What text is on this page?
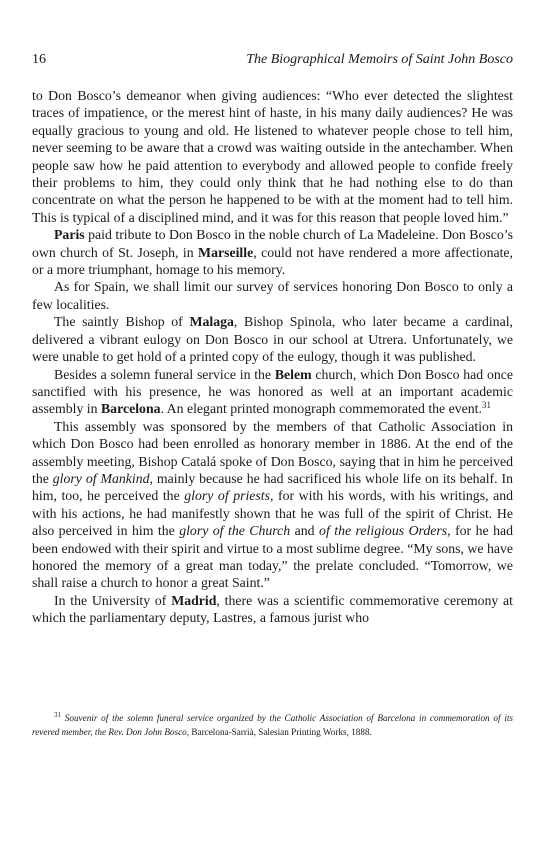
16	The Biographical Memoirs of Saint John Bosco

to Don Bosco’s demeanor when giving audiences: “Who ever detected the slightest traces of impatience, or the merest hint of haste, in his many daily audiences? He was equally gracious to young and old. He listened to whatever people chose to tell him, never seeming to be aware that a crowd was waiting outside in the antechamber. When people saw how he paid attention to everybody and allowed people to confide freely their problems to him, they could only think that he had nothing else to do than concentrate on what the person he happened to be with at the moment had to tell him. This is typical of a disciplined mind, and it was for this reason that people loved him.”

Paris paid tribute to Don Bosco in the noble church of La Madeleine. Don Bosco’s own church of St. Joseph, in Marseille, could not have rendered a more affectionate, or a more triumphant, homage to his memory.

As for Spain, we shall limit our survey of services honoring Don Bosco to only a few localities.

The saintly Bishop of Malaga, Bishop Spinola, who later became a cardinal, delivered a vibrant eulogy on Don Bosco in our school at Utrera. Unfortunately, we were unable to get hold of a printed copy of the eulogy, though it was published.

Besides a solemn funeral service in the Belem church, which Don Bosco had once sanctified with his presence, he was honored as well at an important academic assembly in Barcelona. An elegant printed monograph commemorated the event.$^{31}$

This assembly was sponsored by the members of that Catholic Association in which Don Bosco had been enrolled as honorary member in 1886. At the end of the assembly meeting, Bishop Catalá spoke of Don Bosco, saying that in him he perceived the glory of Mankind, mainly because he had sacrificed his whole life on its behalf. In him, too, he perceived the glory of priests, for with his words, with his writings, and with his actions, he had manifestly shown that he was full of the spirit of Christ. He also perceived in him the glory of the Church and of the religious Orders, for he had been endowed with their spirit and virtue to a most sublime degree. “My sons, we have honored the memory of a great man today,” the prelate concluded. “Tomorrow, we shall raise a church to honor a great Saint.”

In the University of Madrid, there was a scientific commemorative ceremony at which the parliamentary deputy, Lastres, a famous jurist who

$^{31}$ Souvenir of the solemn funeral service organized by the Catholic Association of Barcelona in commemoration of its revered member, the Rev. Don John Bosco, Barcelona-Sarrià, Salesian Printing Works, 1888.
